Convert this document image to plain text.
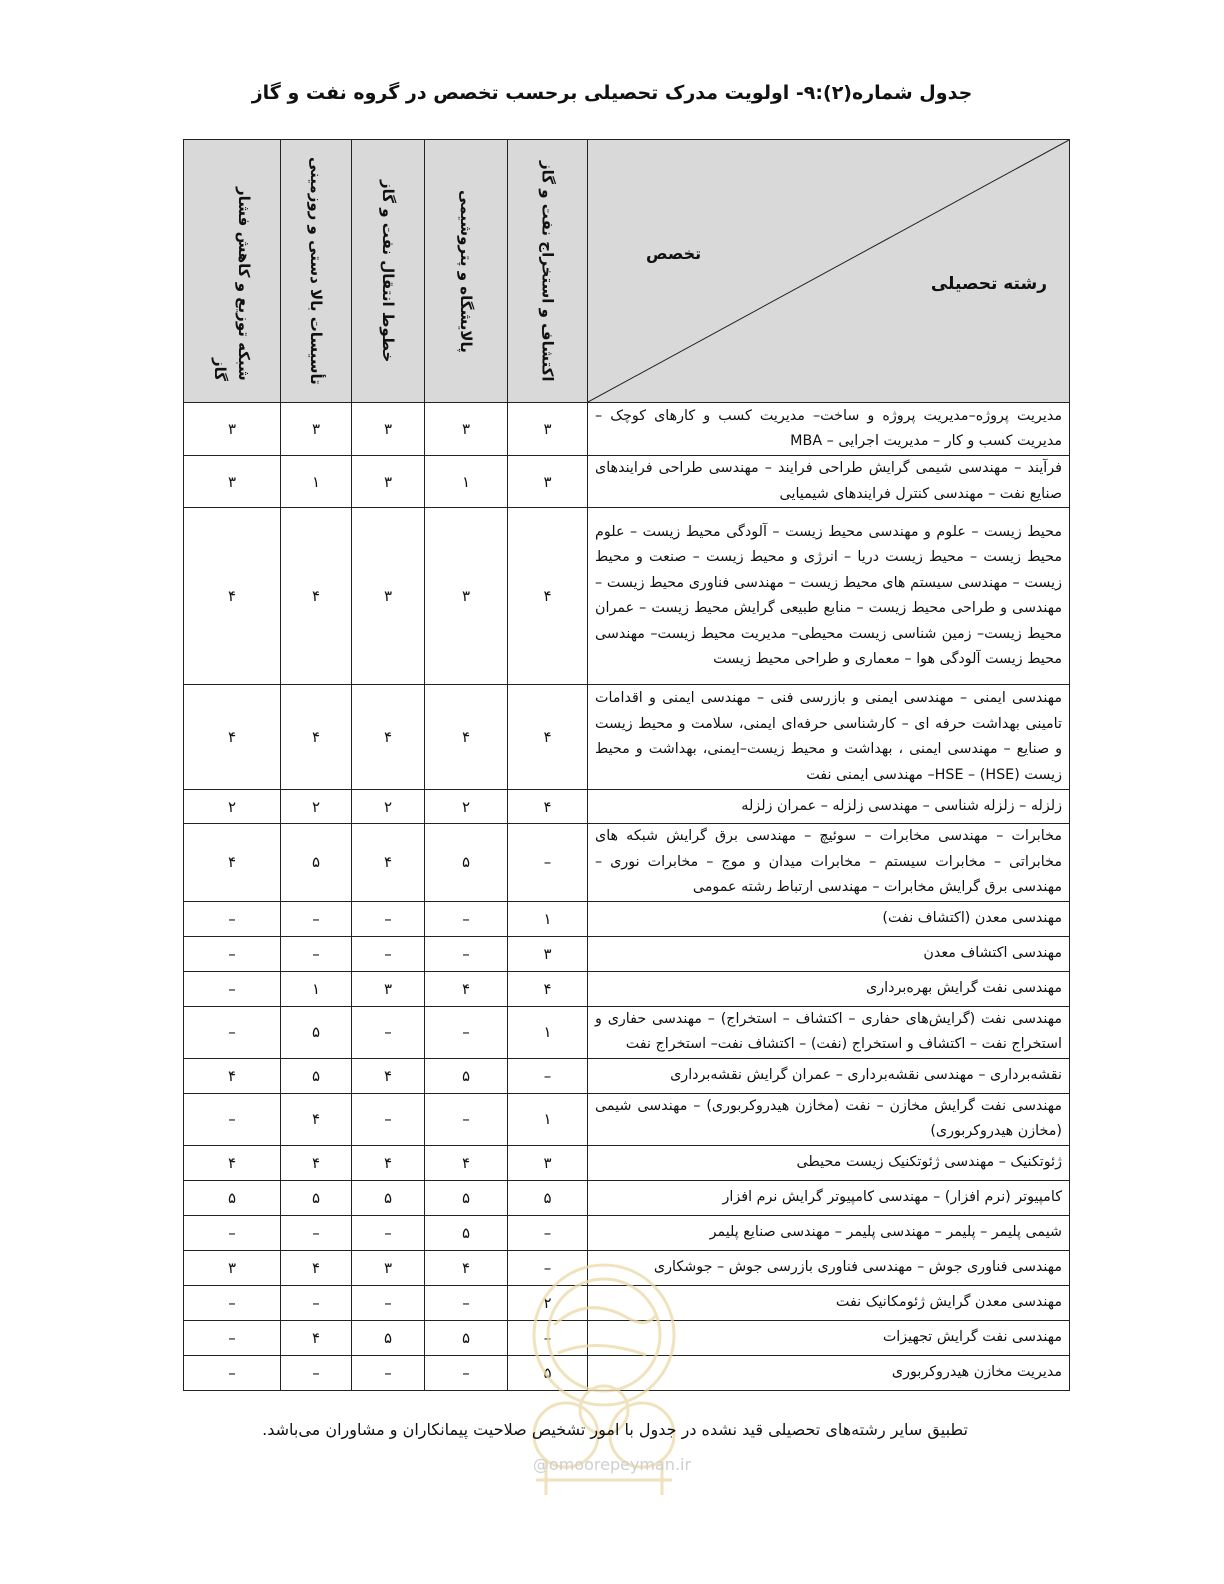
جدول شماره(۲):۹- اولویت مدرک تحصیلی برحسب تخصص در گروه نفت و گاز
تخصص
رشته تحصیلی	اکتشاف و استخراج نفت و گاز	پالایشگاه و پتروشیمی	خطوط انتقال نفت و گاز	تأسیسات بالا دستی و روزمینی	شبکه توزیع و کاهش فشار گاز

مدیریت پروژه–مدیریت پروژه و ساخت– مدیریت کسب و کارهای کوچک – مدیریت کسب و کار – مدیریت اجرایی – MBA	۳	۳	۳	۳	۳
فرآیند – مهندسی شیمی گرایش طراحی فرایند – مهندسی طراحی فرایندهای صنایع نفت – مهندسی کنترل فرایندهای شیمیایی	۳	۱	۳	۱	۳
محیط زیست – علوم و مهندسی محیط زیست – آلودگی محیط زیست – علوم محیط زیست – محیط زیست دریا – انرژی و محیط زیست – صنعت و محیط زیست – مهندسی سیستم های محیط زیست – مهندسی فناوری محیط زیست – مهندسی و طراحی محیط زیست – منابع طبیعی گرایش محیط زیست – عمران محیط زیست– زمین شناسی زیست محیطی– مدیریت محیط زیست– مهندسی محیط زیست آلودگی هوا – معماری و طراحی محیط زیست	۴	۳	۳	۴	۴
مهندسی ایمنی – مهندسی ایمنی و بازرسی فنی – مهندسی ایمنی و اقدامات تامینی بهداشت حرفه ای – کارشناسی حرفه‌ای ایمنی، سلامت و محیط زیست و صنایع – مهندسی ایمنی ، بهداشت و محیط زیست–ایمنی، بهداشت و محیط زیست (HSE) – HSE– مهندسی ایمنی نفت	۴	۴	۴	۴	۴
زلزله – زلزله شناسی – مهندسی زلزله – عمران زلزله	۴	۲	۲	۲	۲
مخابرات – مهندسی مخابرات – سوئیچ – مهندسی برق گرایش شبکه های مخابراتی – مخابرات سیستم – مخابرات میدان و موج – مخابرات نوری – مهندسی برق گرایش مخابرات – مهندسی ارتباط رشته عمومی	–	۵	۴	۵	۴
مهندسی معدن (اکتشاف نفت)	۱	–	–	–	–
مهندسی اکتشاف معدن	۳	–	–	–	–
مهندسی نفت گرایش بهره‌برداری	۴	۴	۳	۱	–
مهندسی نفت (گرایش‌های حفاری – اکتشاف – استخراج) – مهندسی حفاری و استخراج نفت – اکتشاف و استخراج (نفت) – اکتشاف نفت– استخراج نفت	۱	–	–	۵	–
نقشه‌برداری – مهندسی نقشه‌برداری – عمران گرایش نقشه‌برداری	–	۵	۴	۵	۴
مهندسی نفت گرایش مخازن – نفت (مخازن هیدروکربوری) – مهندسی شیمی (مخازن هیدروکربوری)	۱	–	–	۴	–
ژئوتکنیک – مهندسی ژئوتکنیک زیست محیطی	۳	۴	۴	۴	۴
کامپیوتر (نرم افزار) – مهندسی کامپیوتر گرایش نرم افزار	۵	۵	۵	۵	۵
شیمی پلیمر – پلیمر – مهندسی پلیمر – مهندسی صنایع پلیمر	–	۵	–	–	–
مهندسی فناوری جوش – مهندسی فناوری بازرسی جوش – جوشکاری	–	۴	۳	۴	۳
مهندسی معدن گرایش ژئومکانیک نفت	۲	–	–	–	–
مهندسی نفت گرایش تجهیزات	–	۵	۵	۴	–
مدیریت مخازن هیدروکربوری	۵	–	–	–	–
تطبیق سایر رشته‌های تحصیلی قید نشده در جدول با امور تشخیص صلاحیت پیمانکاران و مشاوران می‌باشد.
@omoorepeyman.ir
